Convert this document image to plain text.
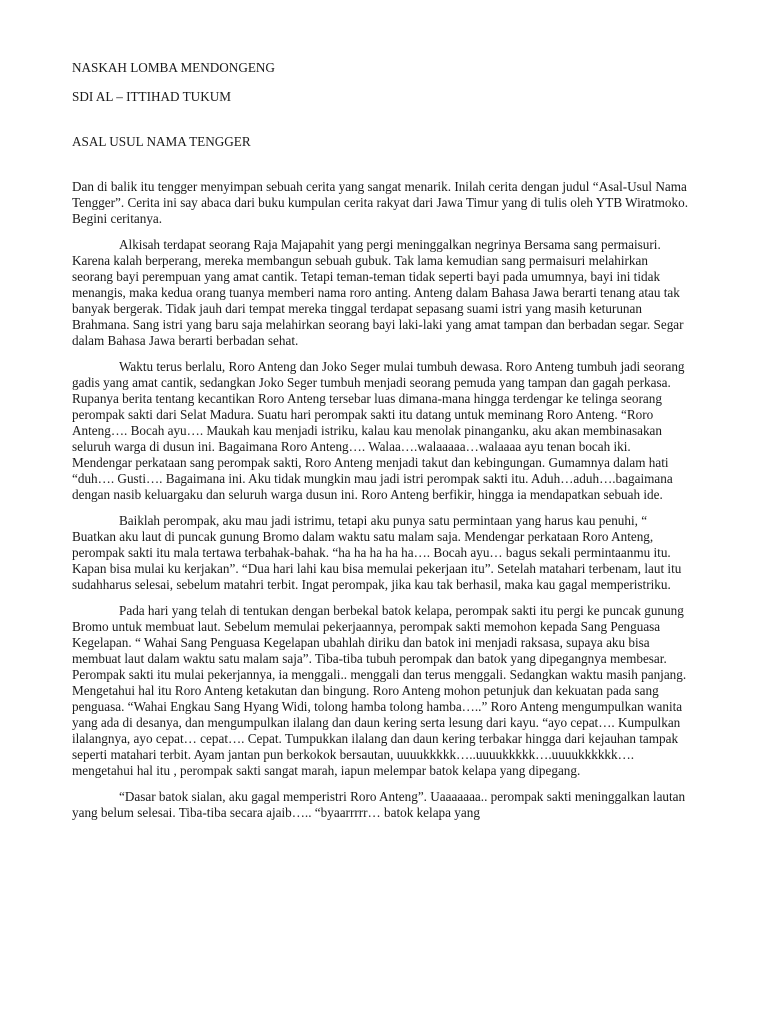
NASKAH LOMBA MENDONGENG
SDI AL – ITTIHAD TUKUM
ASAL USUL NAMA TENGGER

Dan di balik itu tengger menyimpan sebuah cerita yang sangat menarik. Inilah cerita dengan judul “Asal-Usul Nama Tengger”. Cerita ini say abaca dari buku kumpulan cerita rakyat dari Jawa Timur yang di tulis oleh YTB Wiratmoko. Begini ceritanya.

Alkisah terdapat seorang Raja Majapahit yang pergi meninggalkan negrinya Bersama sang permaisuri. Karena kalah berperang, mereka membangun sebuah gubuk. Tak lama kemudian sang permaisuri melahirkan seorang bayi perempuan yang amat cantik. Tetapi teman-teman tidak seperti bayi pada umumnya, bayi ini tidak menangis, maka kedua orang tuanya memberi nama roro anting. Anteng dalam Bahasa Jawa berarti tenang atau tak banyak bergerak. Tidak jauh dari tempat mereka tinggal terdapat sepasang suami istri yang masih keturunan Brahmana. Sang istri yang baru saja melahirkan seorang bayi laki-laki yang amat tampan dan berbadan segar. Segar dalam Bahasa Jawa berarti berbadan sehat.

Waktu terus berlalu, Roro Anteng dan Joko Seger mulai tumbuh dewasa. Roro Anteng tumbuh jadi seorang gadis yang amat cantik, sedangkan Joko Seger tumbuh menjadi seorang pemuda yang tampan dan gagah perkasa. Rupanya berita tentang kecantikan Roro Anteng tersebar luas dimana-mana hingga terdengar ke telinga seorang perompak sakti dari Selat Madura. Suatu hari perompak sakti itu datang untuk meminang Roro Anteng. “Roro Anteng…. Bocah ayu…. Maukah kau menjadi istriku, kalau kau menolak pinanganku, aku akan membinasakan seluruh warga di dusun ini. Bagaimana Roro Anteng…. Walaa….walaaaaa…walaaaa ayu tenan bocah iki. Mendengar perkataan sang perompak sakti, Roro Anteng menjadi takut dan kebingungan. Gumamnya dalam hati “duh…. Gusti…. Bagaimana ini. Aku tidak mungkin mau jadi istri perompak sakti itu. Aduh…aduh….bagaimana dengan nasib keluargaku dan seluruh warga dusun ini. Roro Anteng berfikir, hingga ia mendapatkan sebuah ide.

Baiklah perompak, aku mau jadi istrimu, tetapi aku punya satu permintaan yang harus kau penuhi, “ Buatkan aku laut di puncak gunung Bromo dalam waktu satu malam saja. Mendengar perkataan Roro Anteng, perompak sakti itu mala tertawa terbahak-bahak. “ha ha ha ha ha…. Bocah ayu… bagus sekali permintaanmu itu. Kapan bisa mulai ku kerjakan”. “Dua hari lahi kau bisa memulai pekerjaan itu”. Setelah matahari terbenam, laut itu sudahharus selesai, sebelum matahri terbit. Ingat perompak, jika kau tak berhasil, maka kau gagal memperistriku.

Pada hari yang telah di tentukan dengan berbekal batok kelapa, perompak sakti itu pergi ke puncak gunung Bromo untuk membuat laut. Sebelum memulai pekerjaannya, perompak sakti memohon kepada Sang Penguasa Kegelapan. “ Wahai Sang Penguasa Kegelapan ubahlah diriku dan batok ini menjadi raksasa, supaya aku bisa membuat laut dalam waktu satu malam saja”. Tiba-tiba tubuh perompak dan batok yang dipegangnya membesar. Perompak sakti itu mulai pekerjannya, ia menggali.. menggali dan terus menggali. Sedangkan waktu masih panjang. Mengetahui hal itu Roro Anteng ketakutan dan bingung. Roro Anteng mohon petunjuk dan kekuatan pada sang penguasa. “Wahai Engkau Sang Hyang Widi, tolong hamba tolong hamba…..” Roro Anteng mengumpulkan wanita yang ada di desanya, dan mengumpulkan ilalang dan daun kering serta lesung dari kayu. “ayo cepat…. Kumpulkan ilalangnya, ayo cepat… cepat…. Cepat. Tumpukkan ilalang dan daun kering terbakar hingga dari kejauhan tampak seperti matahari terbit. Ayam jantan pun berkokok bersautan, uuuukkkkk…..uuuukkkkk….uuuukkkkkk…. mengetahui hal itu , perompak sakti sangat marah, iapun melempar batok kelapa yang dipegang.

“Dasar batok sialan, aku gagal memperistri Roro Anteng”. Uaaaaaaa.. perompak sakti meninggalkan lautan yang belum selesai. Tiba-tiba secara ajaib….. “byaarrrrr… batok kelapa yang
